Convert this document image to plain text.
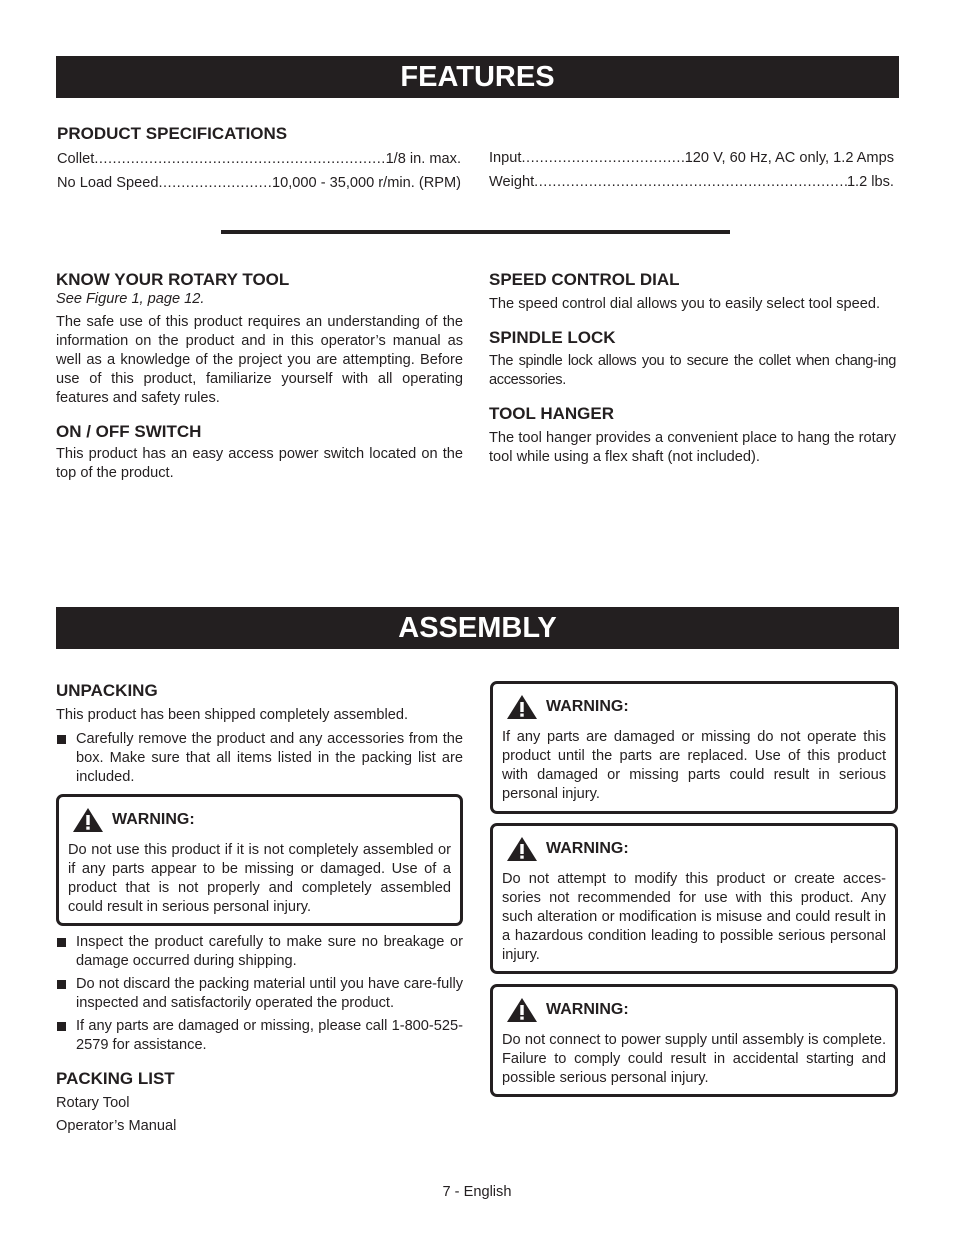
FEATURES

PRODUCT SPECIFICATIONS

Collet .....	1/8 in. max.
No Load Speed .....	10,000 - 35,000 r/min. (RPM)
Input .....	120 V, 60 Hz, AC only, 1.2 Amps
Weight .....	1.2 lbs.

KNOW YOUR ROTARY TOOL

See Figure 1, page 12.

The safe use of this product requires an understanding of the information on the product and in this operator’s manual as well as a knowledge of the project you are attempting. Before use of this product, familiarize yourself with all operating features and safety rules.

ON / OFF SWITCH

This product has an easy access power switch located on the top of the product.

SPEED CONTROL DIAL

The speed control dial allows you to easily select tool speed.

SPINDLE LOCK

The spindle lock allows you to secure the collet when chang-ing accessories.

TOOL HANGER

The tool hanger provides a convenient place to hang the rotary tool while using a flex shaft (not included).

ASSEMBLY

UNPACKING

This product has been shipped completely assembled.

Carefully remove the product and any accessories from the box. Make sure that all items listed in the packing list are included.

WARNING:

Do not use this product if it is not completely assembled or if any parts appear to be missing or damaged. Use of a product that is not properly and completely assembled could result in serious personal injury.

Inspect the product carefully to make sure no breakage or damage occurred during shipping.

Do not discard the packing material until you have care-fully inspected and satisfactorily operated the product.

If any parts are damaged or missing, please call 1-800-525-2579 for assistance.

PACKING LIST

Rotary Tool

Operator’s Manual

WARNING:

If any parts are damaged or missing do not operate this product until the parts are replaced. Use of this product with damaged or missing parts could result in serious personal injury.

WARNING:

Do not attempt to modify this product or create acces-sories not recommended for use with this product. Any such alteration or modification is misuse and could result in a hazardous condition leading to possible serious personal injury.

WARNING:

Do not connect to power supply until assembly is complete. Failure to comply could result in accidental starting and possible serious personal injury.

7 - English
